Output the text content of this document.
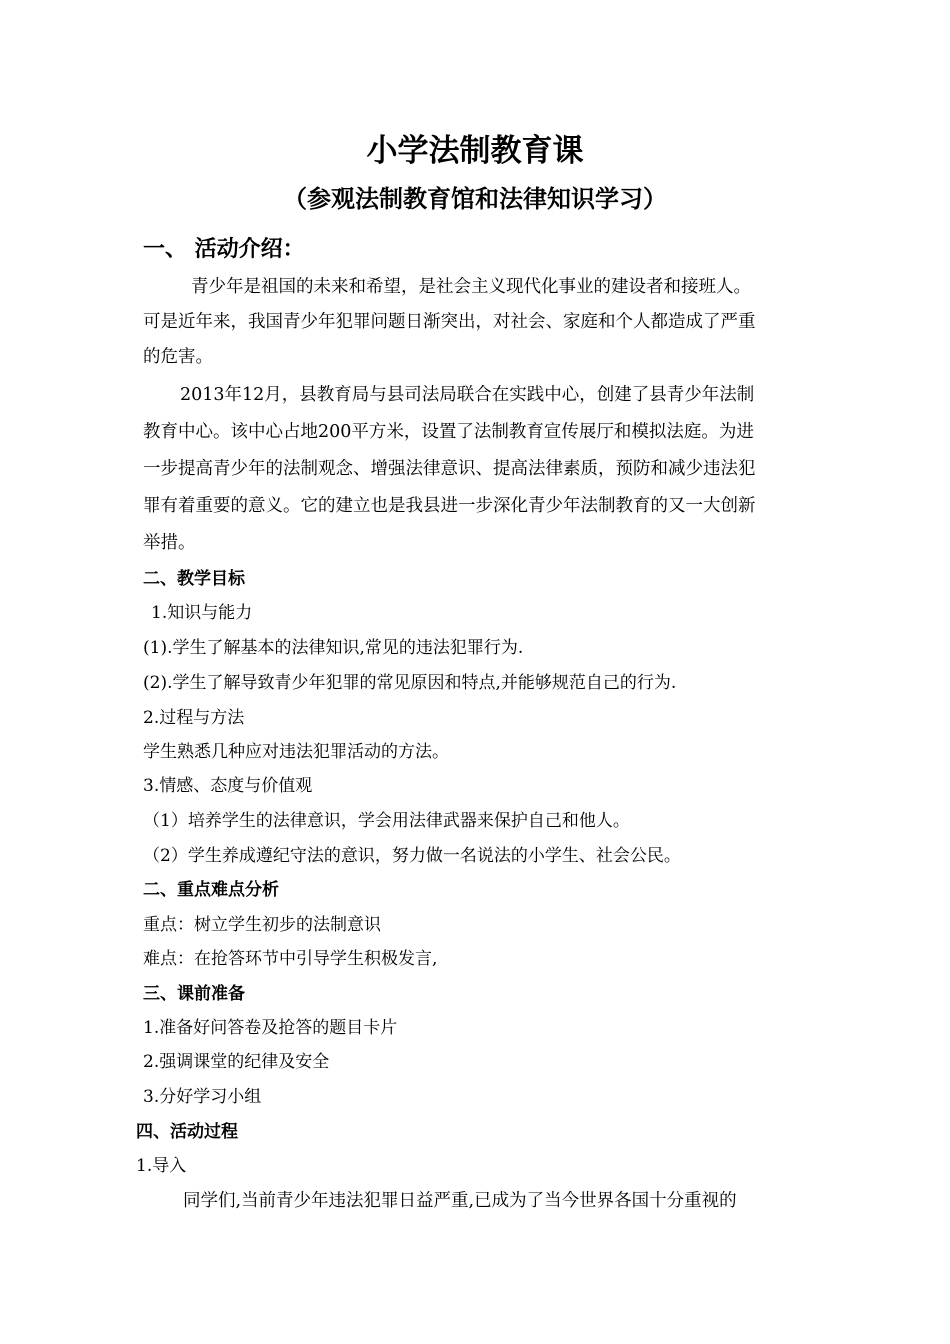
小学法制教育课
（参观法制教育馆和法律知识学习）
一、 活动介绍：
青少年是祖国的未来和希望，是社会主义现代化事业的建设者和接班人。
可是近年来，我国青少年犯罪问题日渐突出，对社会、家庭和个人都造成了严重
的危害。
2013年12月，县教育局与县司法局联合在实践中心，创建了县青少年法制
教育中心。该中心占地200平方米，设置了法制教育宣传展厅和模拟法庭。为进
一步提高青少年的法制观念、增强法律意识、提高法律素质，预防和减少违法犯
罪有着重要的意义。它的建立也是我县进一步深化青少年法制教育的又一大创新
举措。
二、教学目标
1.知识与能力
(1).学生了解基本的法律知识,常见的违法犯罪行为.
(2).学生了解导致青少年犯罪的常见原因和特点,并能够规范自己的行为.
2.过程与方法
学生熟悉几种应对违法犯罪活动的方法。
3.情感、态度与价值观
（1）培养学生的法律意识，学会用法律武器来保护自己和他人。
（2）学生养成遵纪守法的意识，努力做一名说法的小学生、社会公民。
二、重点难点分析
重点：树立学生初步的法制意识
难点：在抢答环节中引导学生积极发言,
三、课前准备
1.准备好问答卷及抢答的题目卡片
2.强调课堂的纪律及安全
3.分好学习小组
四、活动过程
1.导入
同学们,当前青少年违法犯罪日益严重,已成为了当今世界各国十分重视的
